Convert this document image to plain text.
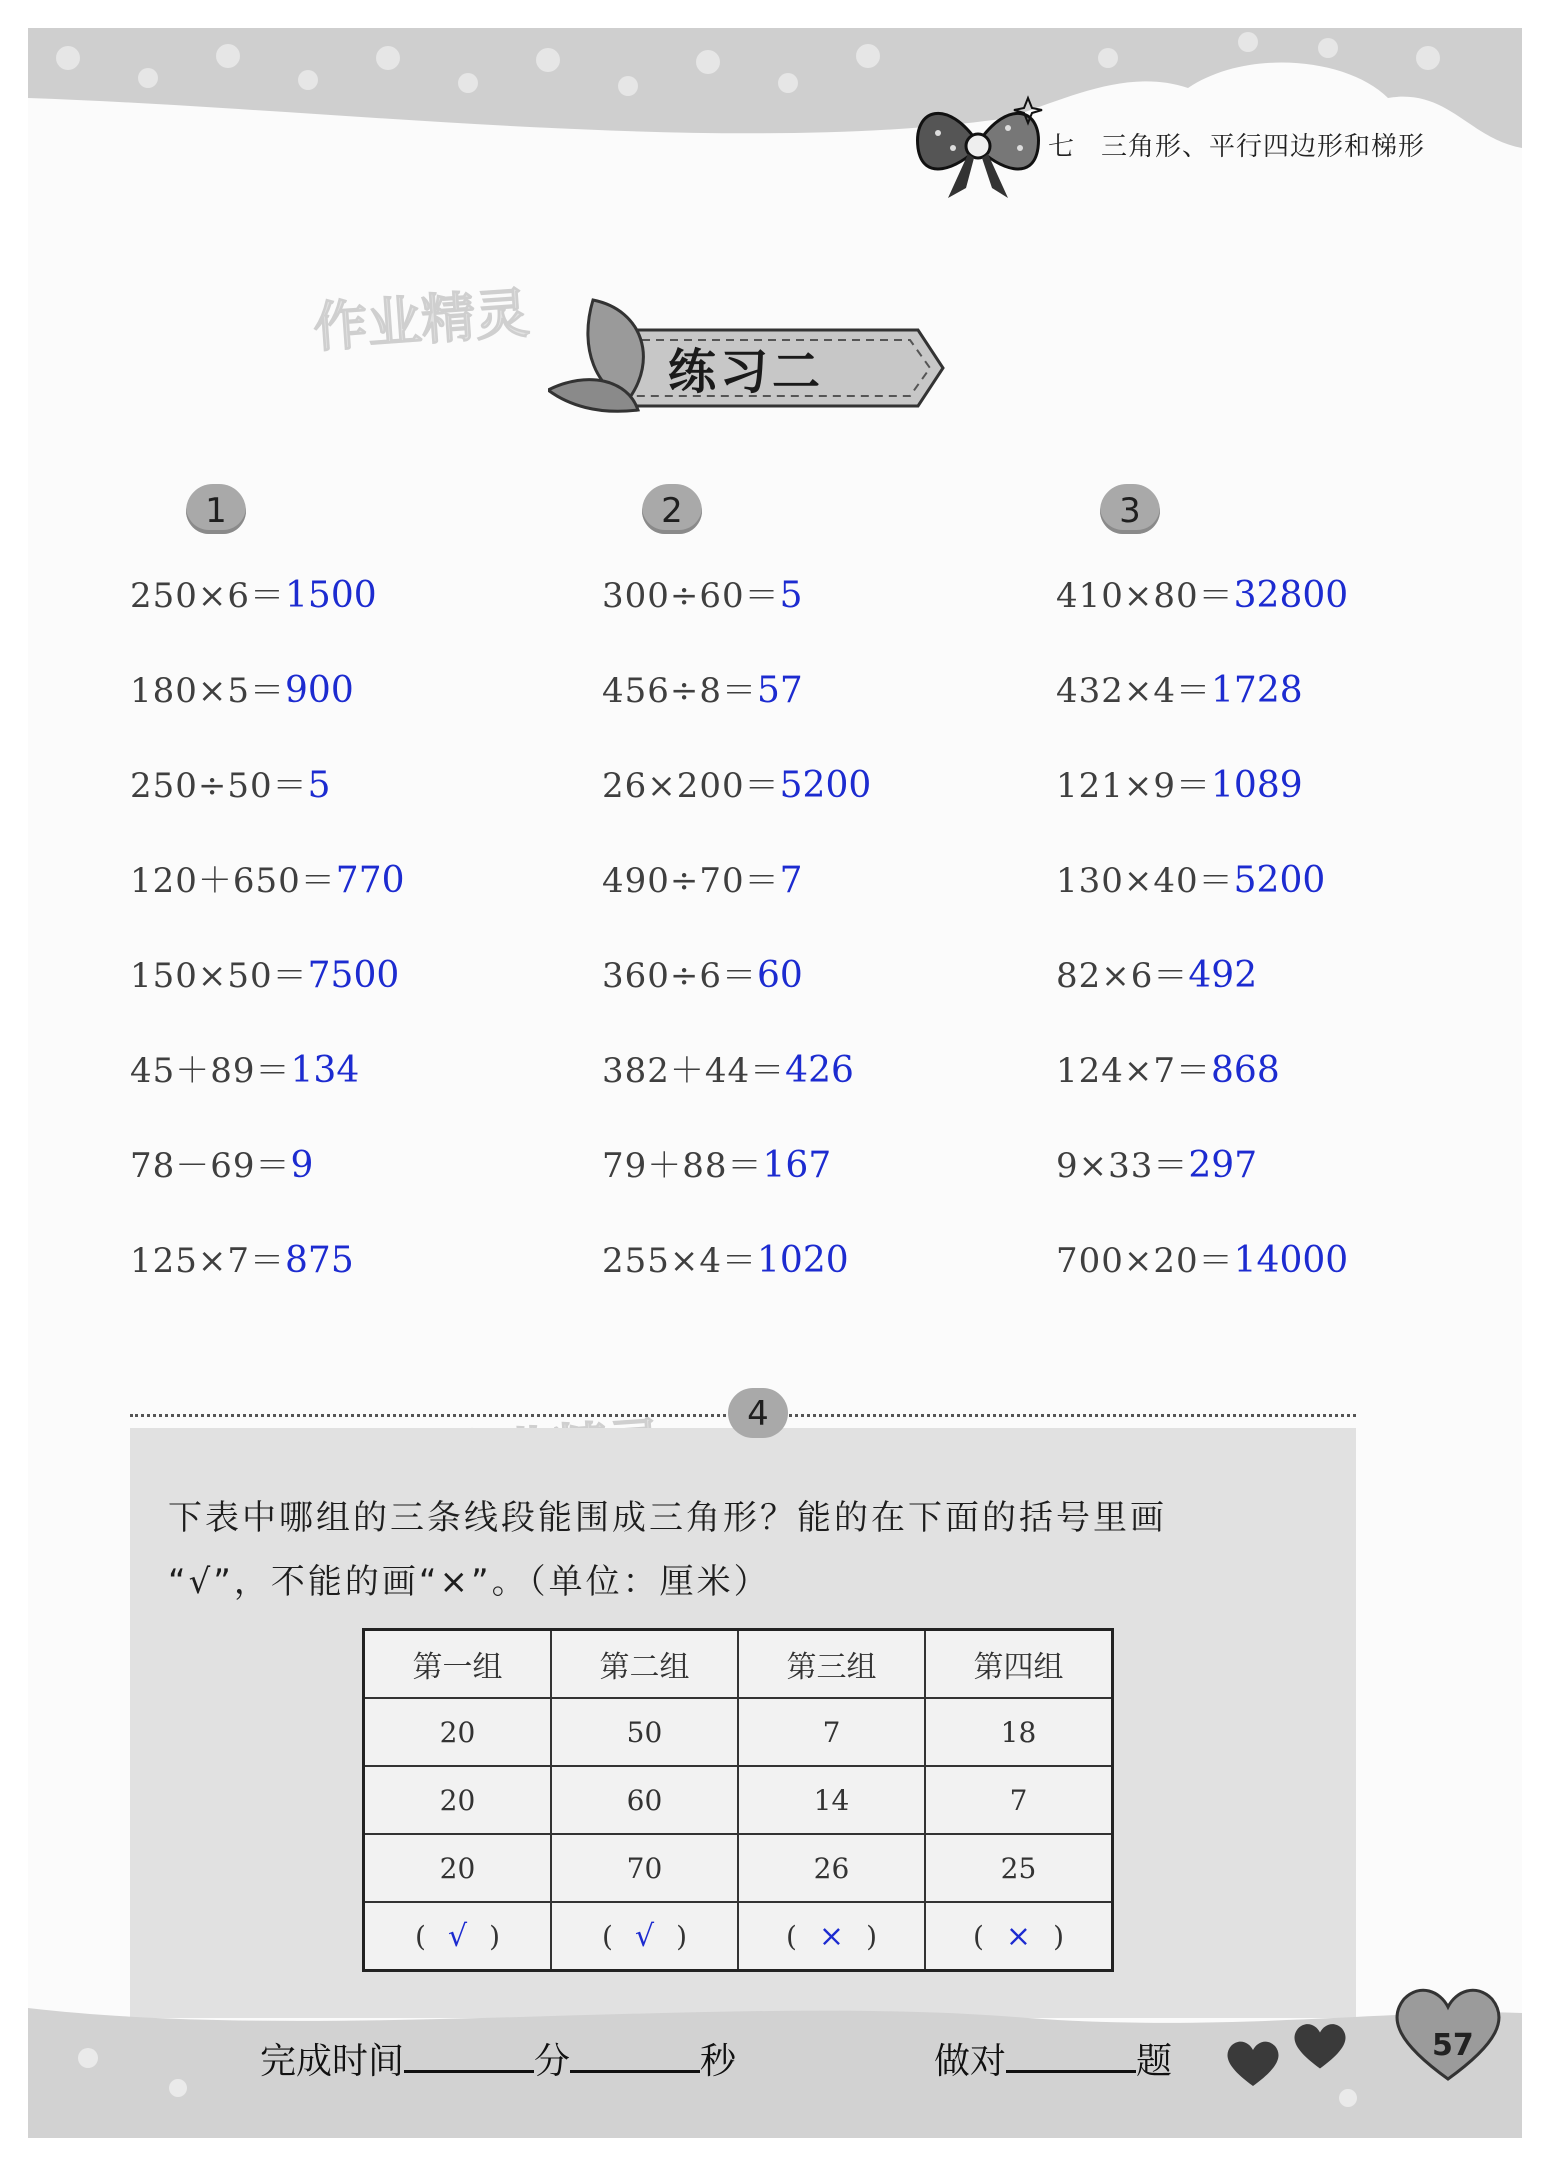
七 三角形、平行四边形和梯形
作业精灵
练习二
1	2	3
250×6＝1500
180×5＝900
250÷50＝5
120＋650＝770
150×50＝7500
45＋89＝134
78－69＝9
125×7＝875
300÷60＝5
456÷8＝57
26×200＝5200
490÷70＝7
360÷6＝60
382＋44＝426
79＋88＝167
255×4＝1020
410×80＝32800
432×4＝1728
121×9＝1089
130×40＝5200
82×6＝492
124×7＝868
9×33＝297
700×20＝14000
4
下表中哪组的三条线段能围成三角形？能的在下面的括号里画
“√”，不能的画“×”。（单位：厘米）
第一组	第二组	第三组	第四组
20	50	7	18
20	60	14	7
20	70	26	25
( √ )	( √ )	( × )	( × )
57
完成时间	分	秒	做对	题
